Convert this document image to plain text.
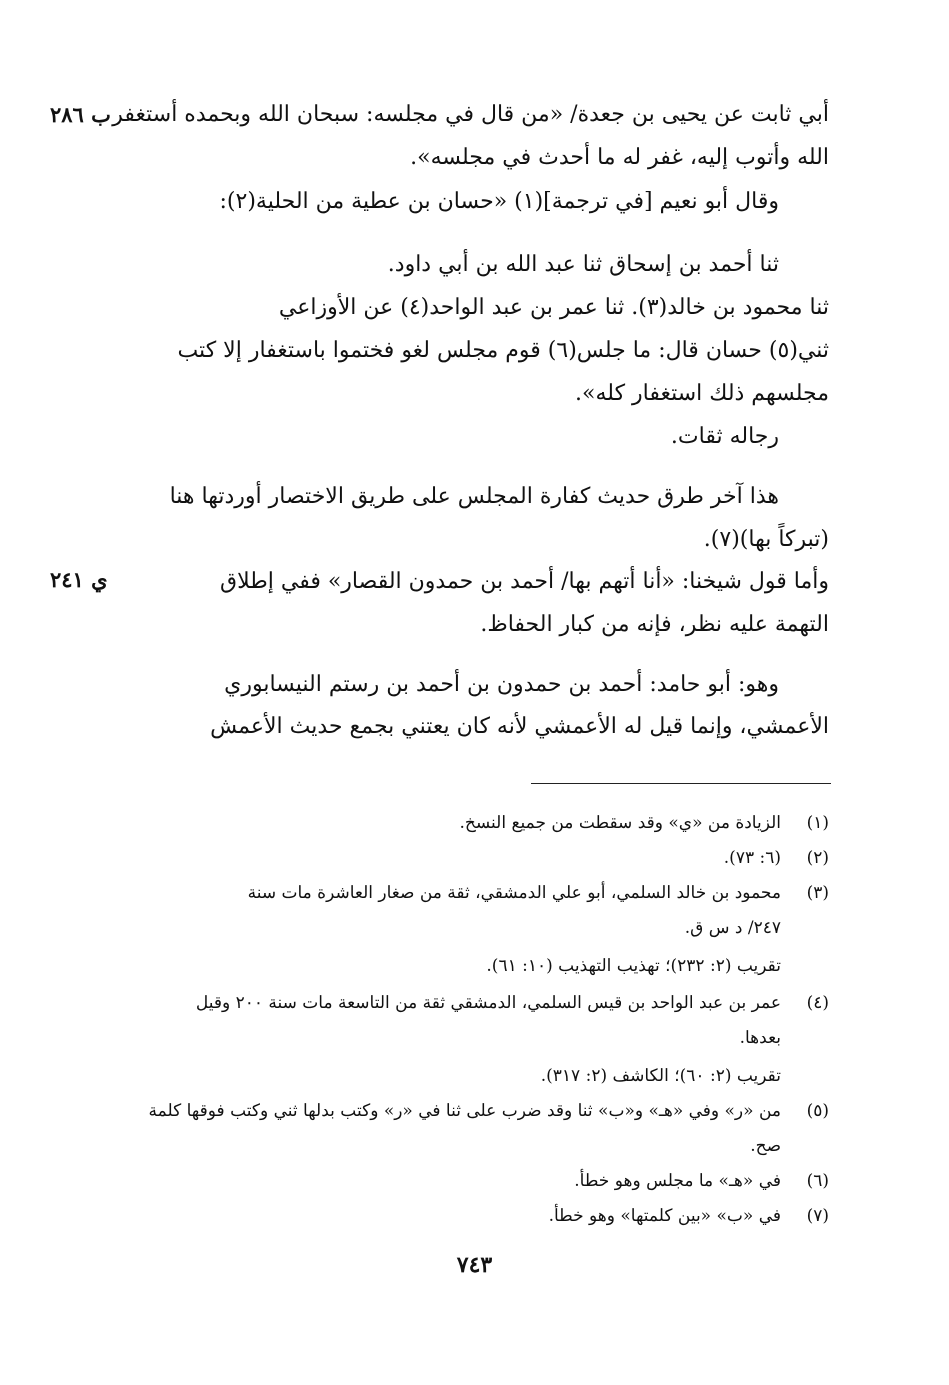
أبي ثابت عن يحيى بن جعدة/ «من قال في مجلسه: سبحان الله وبحمده أستغفر
ب ٢٨٦
الله وأتوب إليه، غفر له ما أحدث في مجلسه».
وقال أبو نعيم [في ترجمة](١) «حسان بن عطية من الحلية(٢):
ثنا أحمد بن إسحاق ثنا عبد الله بن أبي داود.
ثنا محمود بن خالد(٣). ثنا عمر بن عبد الواحد(٤) عن الأوزاعي
ثني(٥) حسان قال: ما جلس(٦) قوم مجلس لغو فختموا باستغفار إلا كتب
مجلسهم ذلك استغفار كله».
رجاله ثقات.
هذا آخر طرق حديث كفارة المجلس على طريق الاختصار أوردتها هنا
(تبركاً بها)(٧).
وأما قول شيخنا: «أنا أتهم بها/ أحمد بن حمدون القصار» ففي إطلاق
ي ٢٤١
التهمة عليه نظر، فإنه من كبار الحفاظ.
وهو: أبو حامد: أحمد بن حمدون بن أحمد بن رستم النيسابوري
الأعمشي، وإنما قيل له الأعمشي لأنه كان يعتني بجمع حديث الأعمش
(١)الزيادة من «ي» وقد سقطت من جميع النسخ.
(٢)(٦: ٧٣).
(٣)محمود بن خالد السلمي، أبو علي الدمشقي، ثقة من صغار العاشرة مات سنة
٢٤٧/ د س ق.
تقريب (٢: ٢٣٢)؛ تهذيب التهذيب (١٠: ٦١).
(٤)عمر بن عبد الواحد بن قيس السلمي، الدمشقي ثقة من التاسعة مات سنة ٢٠٠ وقيل
بعدها.
تقريب (٢: ٦٠)؛ الكاشف (٢: ٣١٧).
(٥)من «ر» وفي «هـ» و«ب» ثنا وقد ضرب على ثنا في «ر» وكتب بدلها ثني وكتب فوقها كلمة
صح.
(٦)في «هـ» ما مجلس وهو خطأ.
(٧)في «ب» «بين كلمتها» وهو خطأ.
٧٤٣
